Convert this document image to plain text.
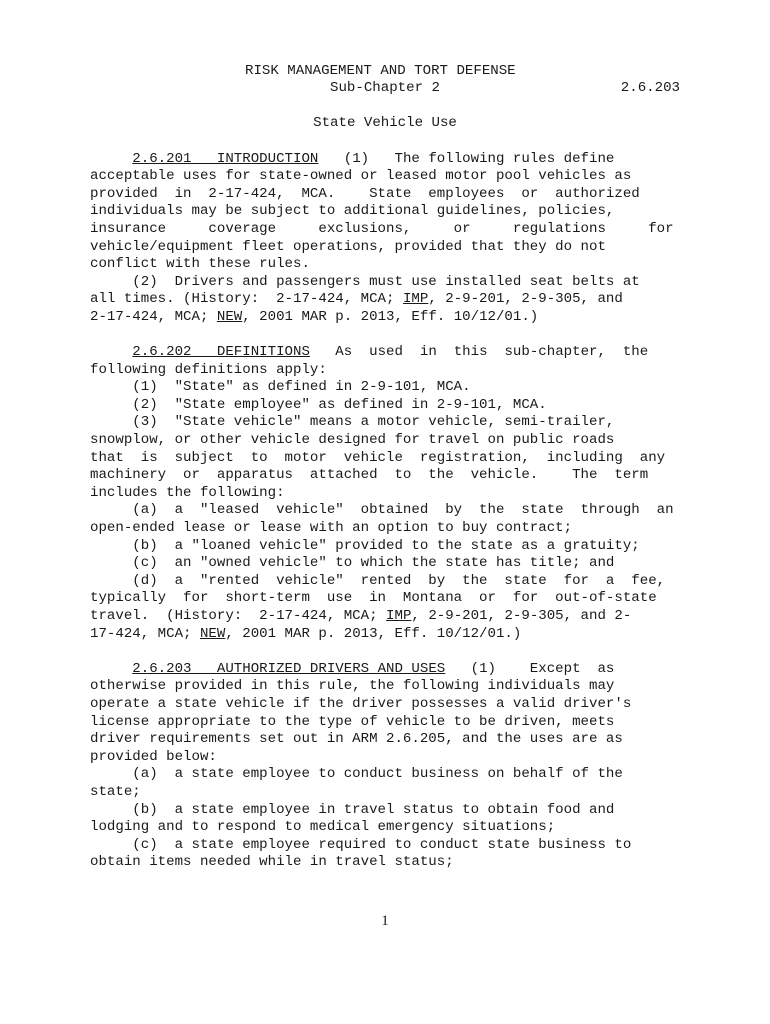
RISK MANAGEMENT AND TORT DEFENSE

2.6.203

Sub-Chapter 2
State Vehicle Use
2.6.201   INTRODUCTION   (1)   The following rules define
acceptable uses for state-owned or leased motor pool vehicles as
provided  in  2-17-424,  MCA.    State  employees  or  authorized
individuals may be subject to additional guidelines, policies,
insurance     coverage     exclusions,     or     regulations     for
vehicle/equipment fleet operations, provided that they do not
conflict with these rules.
(2)  Drivers and passengers must use installed seat belts at
all times. (History:  2-17-424, MCA; IMP, 2-9-201, 2-9-305, and
2-17-424, MCA; NEW, 2001 MAR p. 2013, Eff. 10/12/01.)
2.6.202   DEFINITIONS   As  used  in  this  sub-chapter,  the
following definitions apply:
(1)  "State" as defined in 2-9-101, MCA.
(2)  "State employee" as defined in 2-9-101, MCA.
(3)  "State vehicle" means a motor vehicle, semi-trailer,
snowplow, or other vehicle designed for travel on public roads
that  is  subject  to  motor  vehicle  registration,  including  any
machinery  or  apparatus  attached  to  the  vehicle.    The  term
includes the following:
(a)  a  "leased  vehicle"  obtained  by  the  state  through  an
open-ended lease or lease with an option to buy contract;
(b)  a "loaned vehicle" provided to the state as a gratuity;
(c)  an "owned vehicle" to which the state has title; and
(d)  a  "rented  vehicle"  rented  by  the  state  for  a  fee,
typically  for  short-term  use  in  Montana  or  for  out-of-state
travel.  (History:  2-17-424, MCA; IMP, 2-9-201, 2-9-305, and 2-
17-424, MCA; NEW, 2001 MAR p. 2013, Eff. 10/12/01.)
2.6.203   AUTHORIZED DRIVERS AND USES   (1)    Except  as
otherwise provided in this rule, the following individuals may
operate a state vehicle if the driver possesses a valid driver's
license appropriate to the type of vehicle to be driven, meets
driver requirements set out in ARM 2.6.205, and the uses are as
provided below:
(a)  a state employee to conduct business on behalf of the
state;
(b)  a state employee in travel status to obtain food and
lodging and to respond to medical emergency situations;
(c)  a state employee required to conduct state business to
obtain items needed while in travel status;
1
